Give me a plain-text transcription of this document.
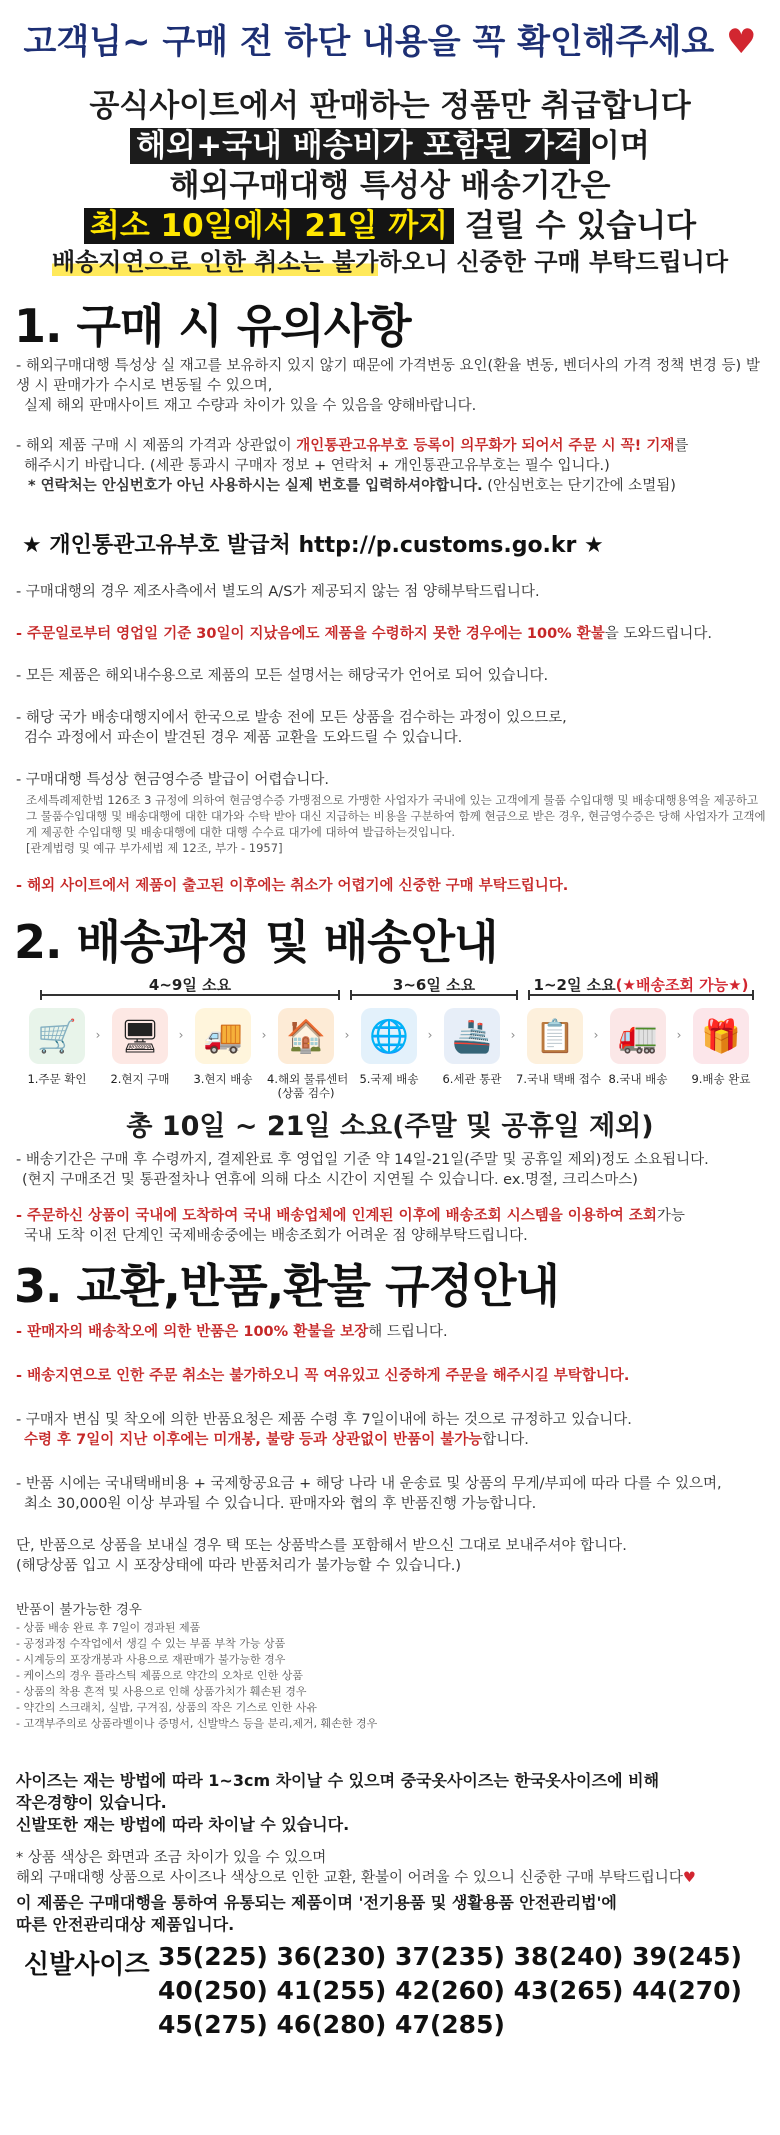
고객님~ 구매 전 하단 내용을 꼭 확인해주세요 ♥
공식사이트에서 판매하는 정품만 취급합니다
해외+국내 배송비가 포함된 가격 이며
해외구매대행 특성상 배송기간은
최소 10일에서 21일 까지 걸릴 수 있습니다
배송지연으로 인한 취소는 불가하오니 신중한 구매 부탁드립니다
1. 구매 시 유의사항
- 해외구매대행 특성상 실 재고를 보유하지 있지 않기 때문에 가격변동 요인(환율 변동, 벤더사의 가격 정책 변경 등) 발생 시 판매가가 수시로 변동될 수 있으며,
실제 해외 판매사이트 재고 수량과 차이가 있을 수 있음을 양해바랍니다.
- 해외 제품 구매 시 제품의 가격과 상관없이 개인통관고유부호 등록이 의무화가 되어서 주문 시 꼭! 기재를
해주시기 바랍니다. (세관 통과시 구매자 정보 + 연락처 + 개인통관고유부호는 필수 입니다.)
* 연락처는 안심번호가 아닌 사용하시는 실제 번호를 입력하셔야합니다. (안심번호는 단기간에 소멸됨)
★ 개인통관고유부호 발급처 http://p.customs.go.kr ★
- 구매대행의 경우 제조사측에서 별도의 A/S가 제공되지 않는 점 양해부탁드립니다.
- 주문일로부터 영업일 기준 30일이 지났음에도 제품을 수령하지 못한 경우에는 100% 환불을 도와드립니다.
- 모든 제품은 해외내수용으로 제품의 모든 설명서는 해당국가 언어로 되어 있습니다.
- 해당 국가 배송대행지에서 한국으로 발송 전에 모든 상품을 검수하는 과정이 있으므로,
검수 과정에서 파손이 발견된 경우 제품 교환을 도와드릴 수 있습니다.
- 구매대행 특성상 현금영수증 발급이 어렵습니다.
조세특례제한법 126조 3 규정에 의하여 현금영수증 가맹점으로 가맹한 사업자가 국내에 있는 고객에게 물품 수입대행 및 배송대행용역을 제공하고 그 물품수입대행 및 배송대행에 대한 대가와 수탁 받아 대신 지급하는 비용을 구분하여 함께 현금으로 받은 경우, 현금영수증은 당해 사업자가 고객에게 제공한 수입대행 및 배송대행에 대한 대행 수수료 대가에 대하여 발급하는것입니다.
[관계법령 및 예규 부가세법 제 12조, 부가 - 1957]
- 해외 사이트에서 제품이 출고된 이후에는 취소가 어렵기에 신중한 구매 부탁드립니다.
2. 배송과정 및 배송안내
4~9일 소요	3~6일 소요	1~2일 소요(★배송조회 가능★)
🛒
1.주문 확인
› 🖥
2.현지 구매
› 🚚
3.현지 배송
› 🏠
4.해외 물류센터
(상품 검수)
› 🌐
5.국제 배송
› 🚢
6.세관 통관
› 📋
7.국내 택배 접수
› 🚛
8.국내 배송
› 🎁
9.배송 완료
총 10일 ~ 21일 소요(주말 및 공휴일 제외)
- 배송기간은 구매 후 수령까지, 결제완료 후 영업일 기준 약 14일-21일(주말 및 공휴일 제외)정도 소요됩니다.
(현지 구매조건 및 통관절차나 연휴에 의해 다소 시간이 지연될 수 있습니다. ex.명절, 크리스마스)
- 주문하신 상품이 국내에 도착하여 국내 배송업체에 인계된 이후에 배송조회 시스템을 이용하여 조회가능
국내 도착 이전 단계인 국제배송중에는 배송조회가 어려운 점 양해부탁드립니다.
3. 교환,반품,환불 규정안내
- 판매자의 배송착오에 의한 반품은 100% 환불을 보장해 드립니다.
- 배송지연으로 인한 주문 취소는 불가하오니 꼭 여유있고 신중하게 주문을 해주시길 부탁합니다.
- 구매자 변심 및 착오에 의한 반품요청은 제품 수령 후 7일이내에 하는 것으로 규정하고 있습니다.
수령 후 7일이 지난 이후에는 미개봉, 불량 등과 상관없이 반품이 불가능합니다.
- 반품 시에는 국내택배비용 + 국제항공요금 + 해당 나라 내 운송료 및 상품의 무게/부피에 따라 다를 수 있으며,
최소 30,000원 이상 부과될 수 있습니다. 판매자와 협의 후 반품진행 가능합니다.
단, 반품으로 상품을 보내실 경우 택 또는 상품박스를 포함해서 받으신 그대로 보내주셔야 합니다.
(해당상품 입고 시 포장상태에 따라 반품처리가 불가능할 수 있습니다.)
반품이 불가능한 경우
- 상품 배송 완료 후 7일이 경과된 제품
- 공정과정 수작업에서 생길 수 있는 부품 부착 가능 상품
- 시계등의 포장개봉과 사용으로 재판매가 불가능한 경우
- 케이스의 경우 플라스틱 제품으로 약간의 오차로 인한 상품
- 상품의 착용 흔적 및 사용으로 인해 상품가치가 훼손된 경우
- 약간의 스크래치, 실밥, 구겨짐, 상품의 작은 기스로 인한 사유
- 고객부주의로 상품라벨이나 증명서, 신발박스 등을 분리,제거, 훼손한 경우
사이즈는 재는 방법에 따라 1~3cm 차이날 수 있으며 중국옷사이즈는 한국옷사이즈에 비해
작은경향이 있습니다.
신발또한 재는 방법에 따라 차이날 수 있습니다.
* 상품 색상은 화면과 조금 차이가 있을 수 있으며
해외 구매대행 상품으로 사이즈나 색상으로 인한 교환, 환불이 어려울 수 있으니 신중한 구매 부탁드립니다♥
이 제품은 구매대행을 통하여 유통되는 제품이며 '전기용품 및 생활용품 안전관리법'에
따른 안전관리대상 제품입니다.
신발사이즈 35(225) 36(230) 37(235) 38(240) 39(245)
40(250) 41(255) 42(260) 43(265) 44(270)
45(275) 46(280) 47(285)
